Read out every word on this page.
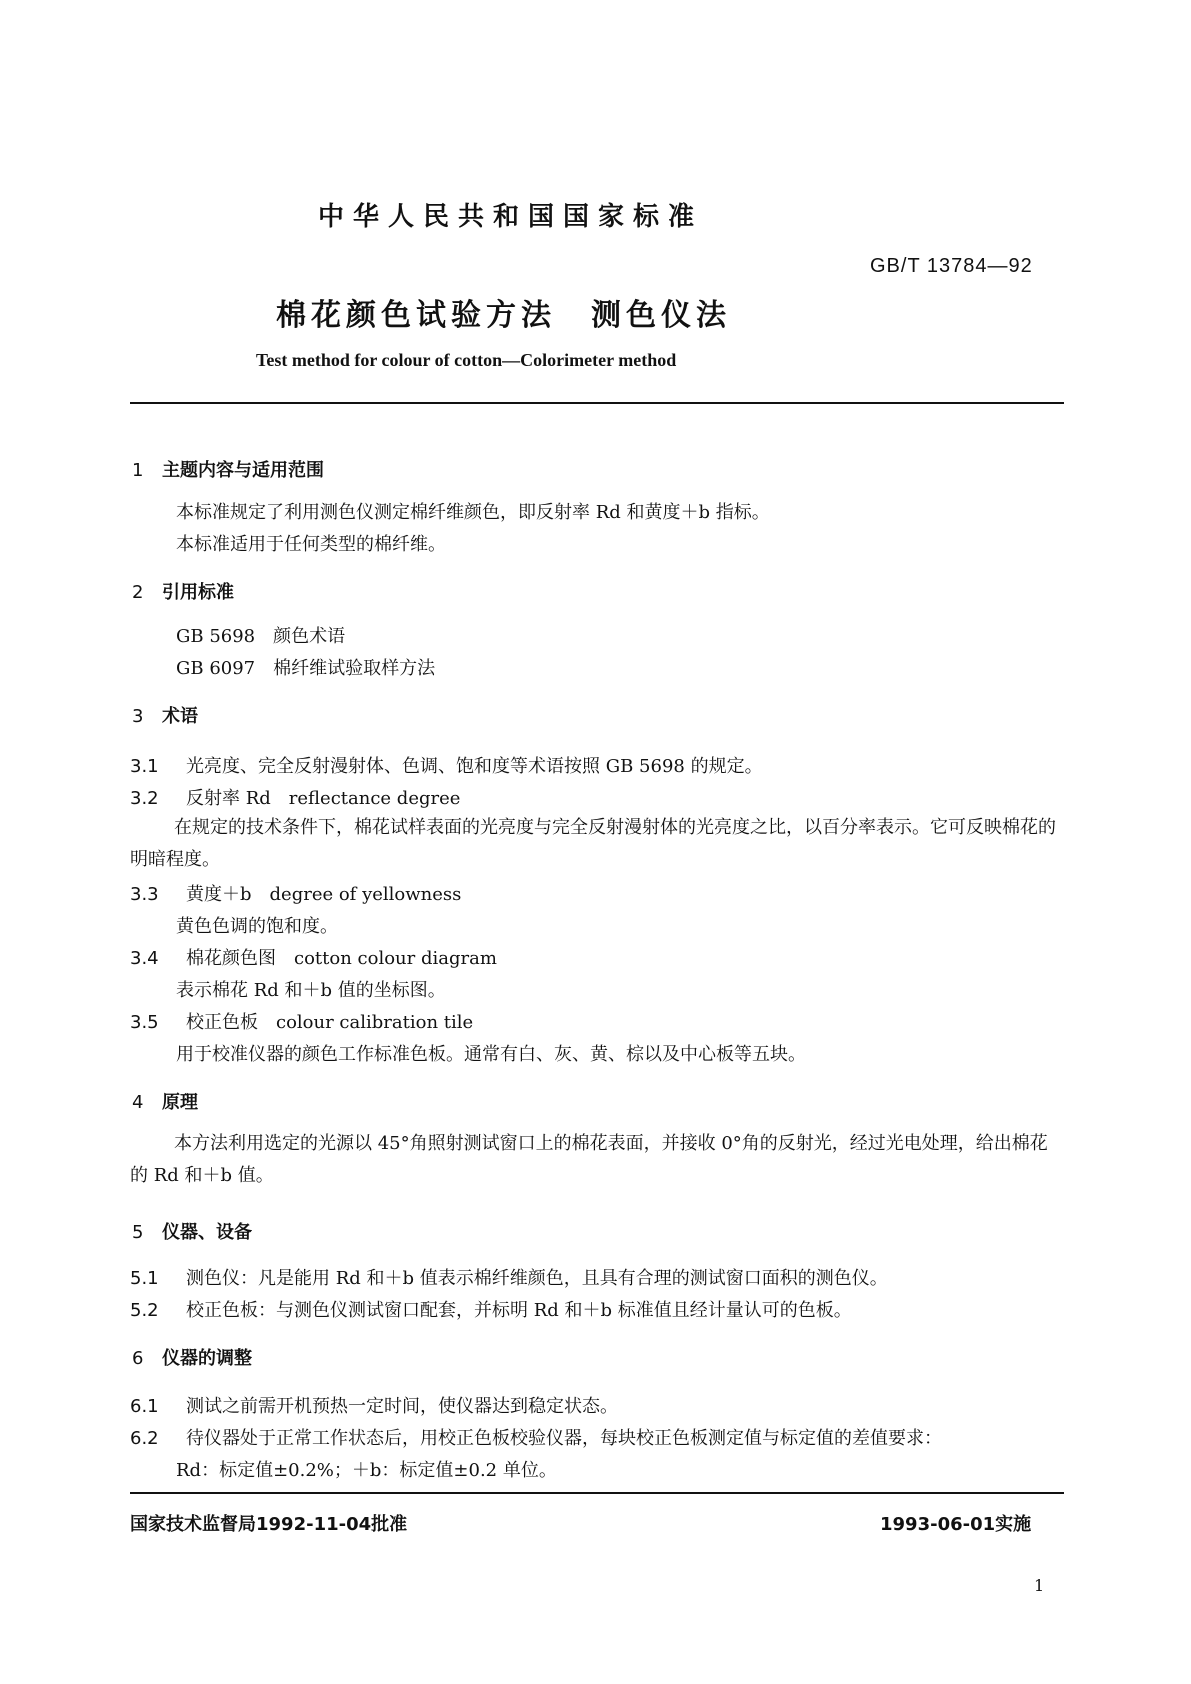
中华人民共和国国家标准
GB/T 13784—92
棉花颜色试验方法　测色仪法
Test method for colour of cotton—Colorimeter method
1 主题内容与适用范围
本标准规定了利用测色仪测定棉纤维颜色，即反射率 Rd 和黄度＋b 指标。
本标准适用于任何类型的棉纤维。
2 引用标准
GB 5698　颜色术语
GB 6097　棉纤维试验取样方法
3 术语
3.1 光亮度、完全反射漫射体、色调、饱和度等术语按照 GB 5698 的规定。
3.2 反射率 Rd　reflectance degree
在规定的技术条件下，棉花试样表面的光亮度与完全反射漫射体的光亮度之比，以百分率表示。它可反映棉花的明暗程度。
3.3 黄度＋b　degree of yellowness
黄色色调的饱和度。
3.4 棉花颜色图　cotton colour diagram
表示棉花 Rd 和＋b 值的坐标图。
3.5 校正色板　colour calibration tile
用于校准仪器的颜色工作标准色板。通常有白、灰、黄、棕以及中心板等五块。
4 原理
本方法利用选定的光源以 45°角照射测试窗口上的棉花表面，并接收 0°角的反射光，经过光电处理，给出棉花的 Rd 和＋b 值。
5 仪器、设备
5.1 测色仪：凡是能用 Rd 和＋b 值表示棉纤维颜色，且具有合理的测试窗口面积的测色仪。
5.2 校正色板：与测色仪测试窗口配套，并标明 Rd 和＋b 标准值且经计量认可的色板。
6 仪器的调整
6.1 测试之前需开机预热一定时间，使仪器达到稳定状态。
6.2 待仪器处于正常工作状态后，用校正色板校验仪器，每块校正色板测定值与标定值的差值要求：
Rd：标定值±0.2%；＋b：标定值±0.2 单位。
国家技术监督局1992-11-04批准	1993-06-01实施
1
